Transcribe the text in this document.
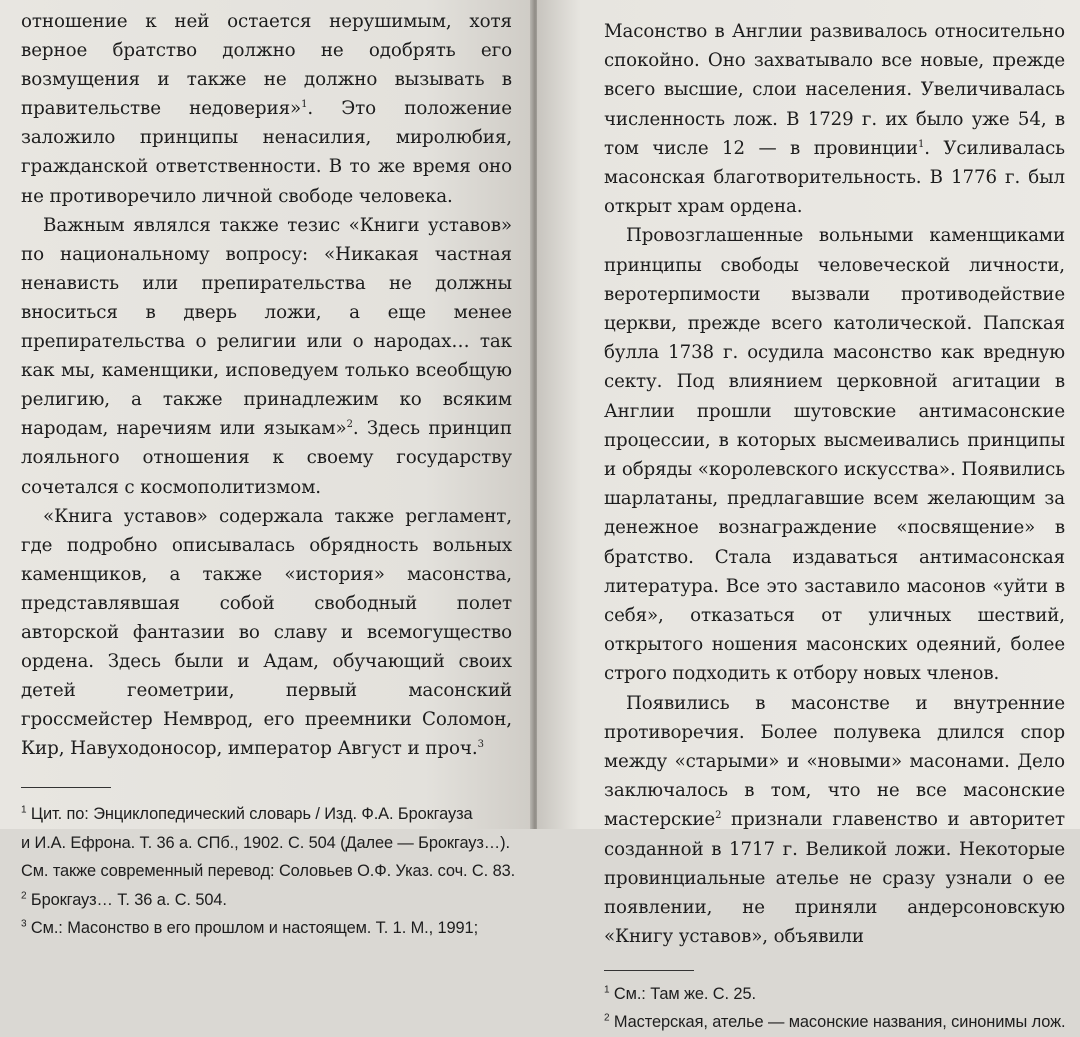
отношение к ней остается нерушимым, хотя верное братство должно не одобрять его возмущения и также не должно вызывать в правительстве недоверия»$^1$. Это положение заложило принципы ненасилия, миролюбия, гражданской ответственности. В то же время оно не противоречило личной свободе человека.

Важным являлся также тезис «Книги уставов» по национальному вопросу: «Никакая частная ненависть или препирательства не должны вноситься в дверь ложи, а еще менее препирательства о религии или о народах… так как мы, каменщики, исповедуем только всеобщую религию, а также принадлежим ко всяким народам, наречиям или языкам»$^2$. Здесь принцип лояльного отношения к своему государству сочетался с космополитизмом.

«Книга уставов» содержала также регламент, где подробно описывалась обрядность вольных каменщиков, а также «история» масонства, представлявшая собой свободный полет авторской фантазии во славу и всемогущество ордена. Здесь были и Адам, обучающий своих детей геометрии, первый масонский гроссмейстер Немврод, его преемники Соломон, Кир, Навуходоносор, император Август и проч.$^3$

$^1$ Цит. по: Энциклопедический словарь / Изд. Ф.А. Брокгауза

и И.А. Ефрона. Т. 36 а. СПб., 1902. С. 504 (Далее — Брокгауз…).

См. также современный перевод: Соловьев О.Ф. Указ. соч. С. 83.

$^2$ Брокгауз… Т. 36 а. С. 504.

$^3$ См.: Масонство в его прошлом и настоящем. Т. 1. М., 1991;

Масонство в Англии развивалось относительно спокойно. Оно захватывало все новые, прежде всего высшие, слои населения. Увеличивалась численность лож. В 1729 г. их было уже 54, в том числе 12 — в провинции$^1$. Усиливалась масонская благотворительность. В 1776 г. был открыт храм ордена.

Провозглашенные вольными каменщиками принципы свободы человеческой личности, веротерпимости вызвали противодействие церкви, прежде всего католической. Папская булла 1738 г. осудила масонство как вредную секту. Под влиянием церковной агитации в Англии прошли шутовские антимасонские процессии, в которых высмеивались принципы и обряды «королевского искусства». Появились шарлатаны, предлагавшие всем желающим за денежное вознаграждение «посвящение» в братство. Стала издаваться антимасонская литература. Все это заставило масонов «уйти в себя», отказаться от уличных шествий, открытого ношения масонских одеяний, более строго подходить к отбору новых членов.

Появились в масонстве и внутренние противоречия. Более полувека длился спор между «старыми» и «новыми» масонами. Дело заключалось в том, что не все масонские мастерские$^2$ признали главенство и авторитет созданной в 1717 г. Великой ложи. Некоторые провинциальные ателье не сразу узнали о ее появлении, не приняли андерсоновскую «Книгу уставов», объявили

$^1$ См.: Там же. С. 25.

$^2$ Мастерская, ателье — масонские названия, синонимы лож.
